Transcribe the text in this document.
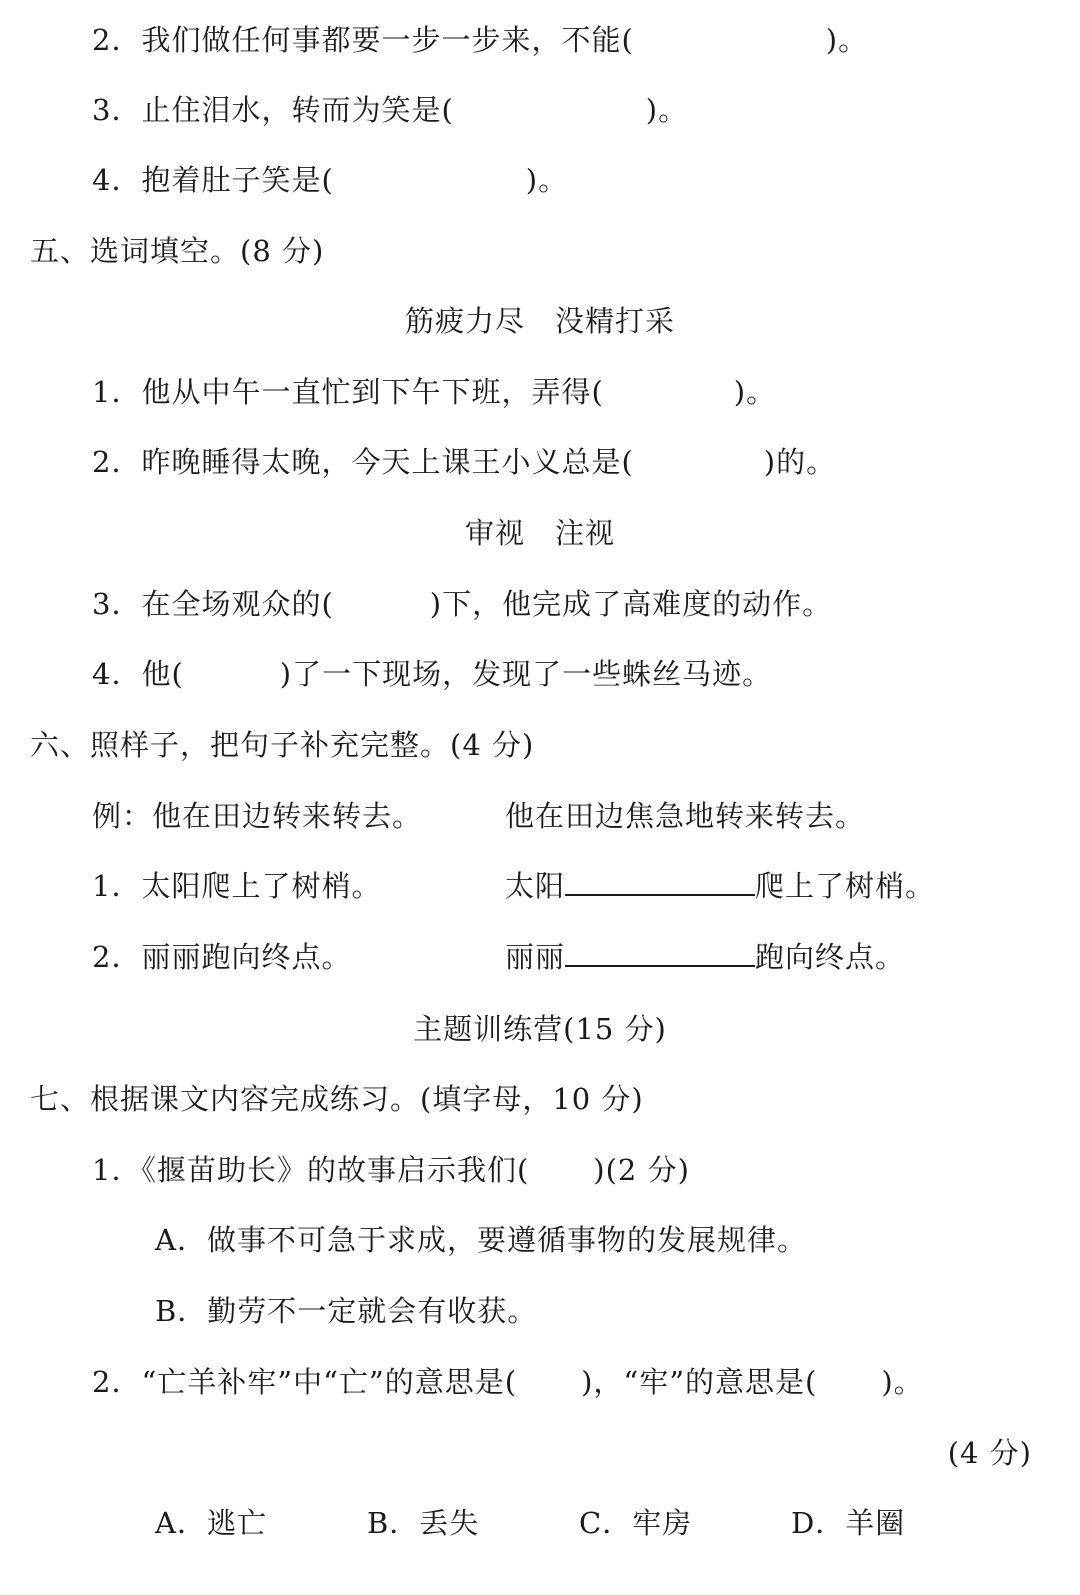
2．我们做任何事都要一步一步来，不能(	)。
3．止住泪水，转而为笑是(	)。
4．抱着肚子笑是(	)。
五、选词填空。(8 分)
筋疲力尽　没精打采
1．他从中午一直忙到下午下班，弄得(	)。
2．昨晚睡得太晚，今天上课王小义总是(	)的。
审视　注视
3．在全场观众的(	)下，他完成了高难度的动作。
4．他(	)了一下现场，发现了一些蛛丝马迹。
六、照样子，把句子补充完整。(4 分)
例：他在田边转来转去。	他在田边焦急地转来转去。
1．太阳爬上了树梢。	太阳	爬上了树梢。
2．丽丽跑向终点。	丽丽	跑向终点。
主题训练营(15 分)
七、根据课文内容完成练习。(填字母，10 分)
1．《揠苗助长》的故事启示我们( )(2 分)
A．做事不可急于求成，要遵循事物的发展规律。
B．勤劳不一定就会有收获。
2．“亡羊补牢”中“亡”的意思是( )，“牢”的意思是( )。
(4 分)
A．逃亡	B．丢失	C．牢房	D．羊圈
